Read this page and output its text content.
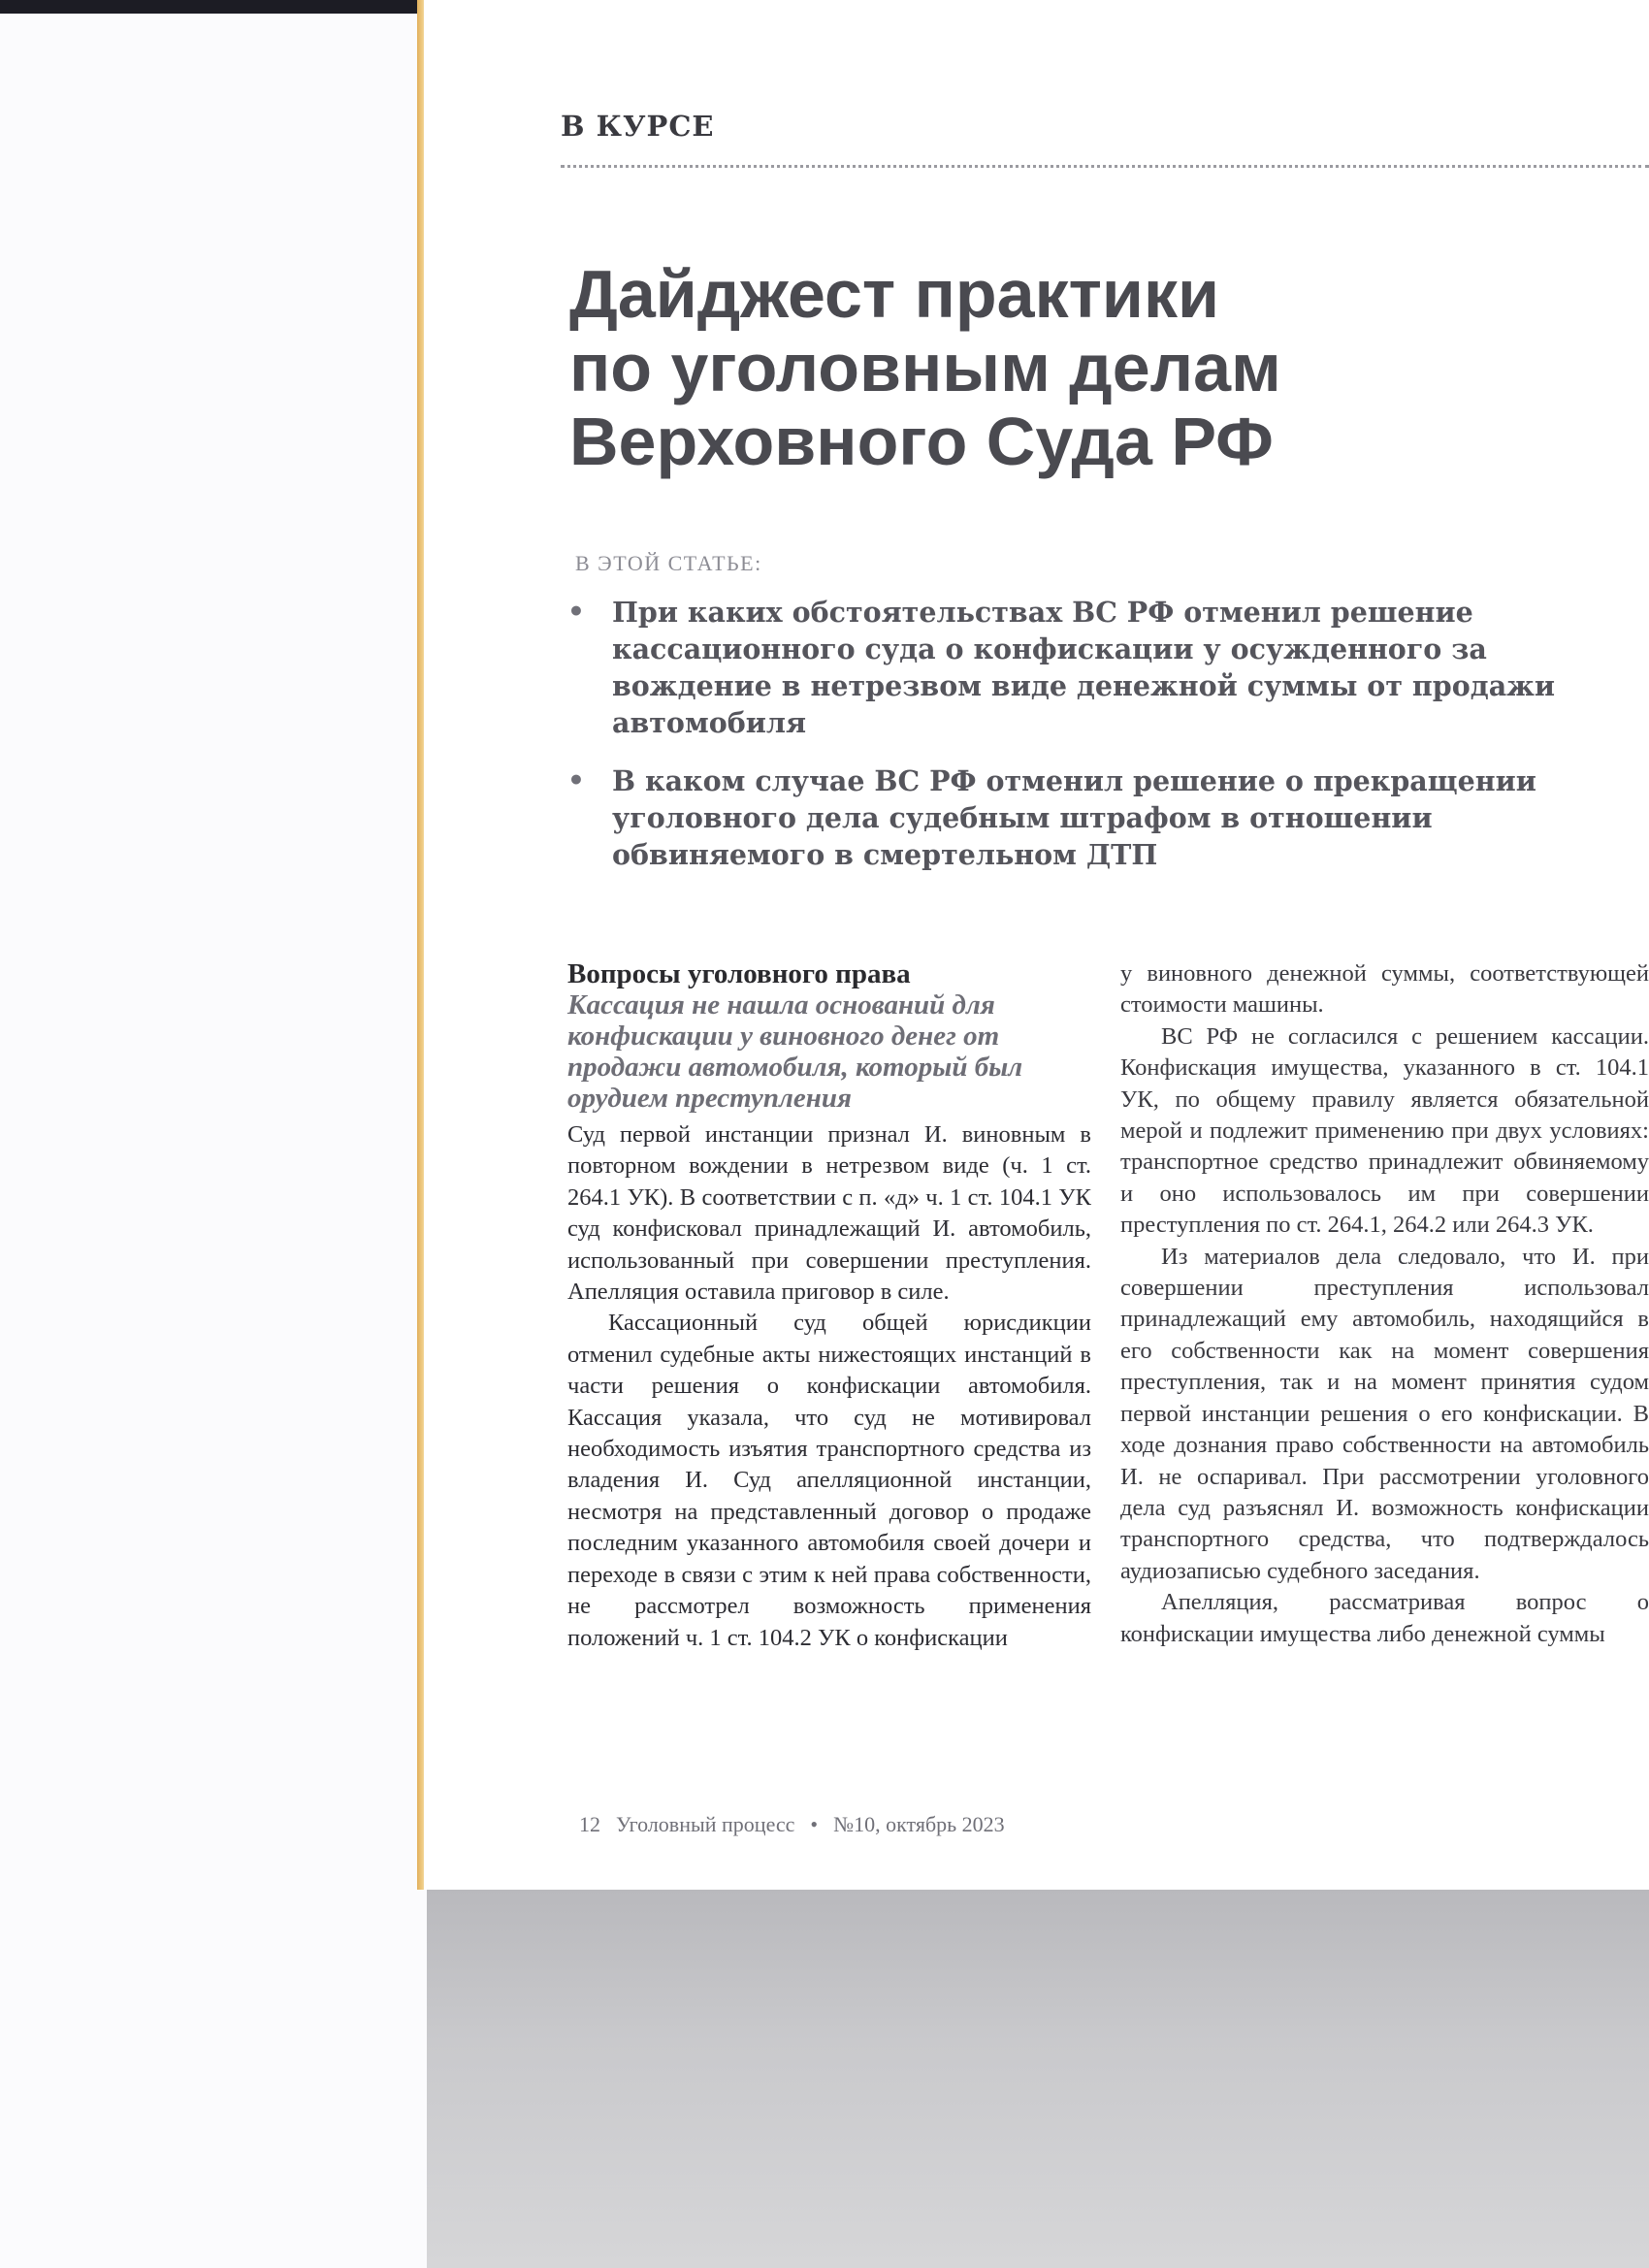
В КУРСЕ
Дайджест практики
по уголовным делам
Верховного Суда РФ
В ЭТОЙ СТАТЬЕ:
• При каких обстоятельствах ВС РФ отменил решение кассационного суда о конфискации у осужденного за вождение в нетрезвом виде денежной суммы от продажи автомобиля
• В каком случае ВС РФ отменил решение о прекращении уголовного дела судебным штрафом в отношении обвиняемого в смертельном ДТП

Вопросы уголовного права

Кассация не нашла оснований для конфискации у виновного денег от продажи автомобиля, который был орудием преступления

Суд первой инстанции признал И. виновным в повторном вождении в нетрезвом виде (ч. 1 ст. 264.1 УК). В соответствии с п. «д» ч. 1 ст. 104.1 УК суд конфисковал принадлежащий И. автомобиль, использованный при совершении преступления. Апелляция оставила приговор в силе.

Кассационный суд общей юрисдикции отменил судебные акты нижестоящих инстанций в части решения о конфискации автомобиля. Кассация указала, что суд не мотивировал необходимость изъятия транспортного средства из владения И. Суд апелляционной инстанции, несмотря на представленный договор о продаже последним указанного автомобиля своей дочери и переходе в связи с этим к ней права собственности, не рассмотрел возможность применения положений ч. 1 ст. 104.2 УК о конфискации

у виновного денежной суммы, соответствующей стоимости машины.

ВС РФ не согласился с решением кассации. Конфискация имущества, указанного в ст. 104.1 УК, по общему правилу является обязательной мерой и подлежит применению при двух условиях: транспортное средство принадлежит обвиняемому и оно использовалось им при совершении преступления по ст. 264.1, 264.2 или 264.3 УК.

Из материалов дела следовало, что И. при совершении преступления использовал принадлежащий ему автомобиль, находящийся в его собственности как на момент совершения преступления, так и на момент принятия судом первой инстанции решения о его конфискации. В ходе дознания право собственности на автомобиль И. не оспаривал. При рассмотрении уголовного дела суд разъяснял И. возможность конфискации транспортного средства, что подтверждалось аудиозаписью судебного заседания.

Апелляция, рассматривая вопрос о конфискации имущества либо денежной суммы

12 Уголовный процесс • №10, октябрь 2023
